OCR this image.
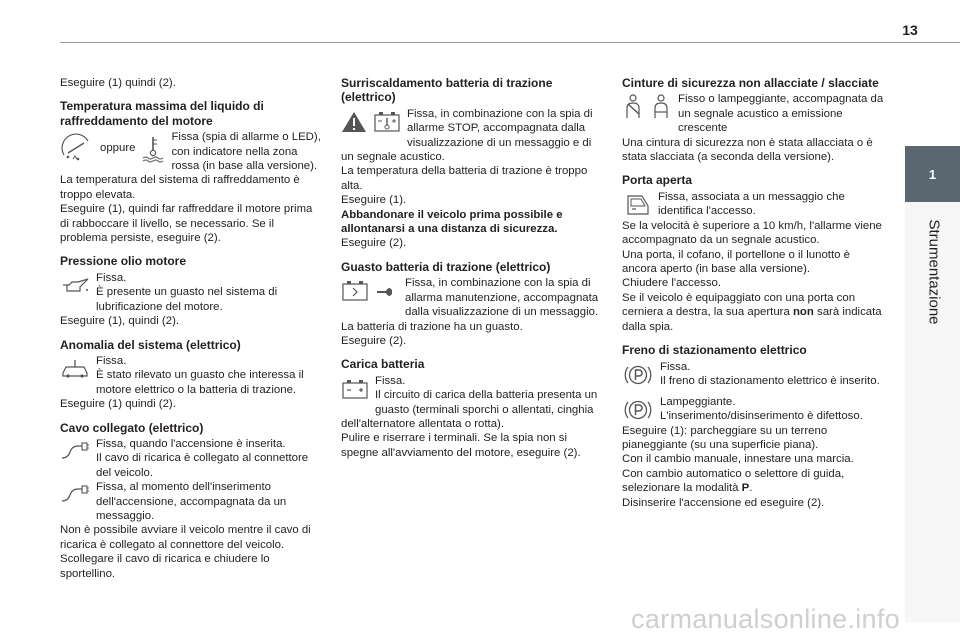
13
1
Strumentazione

Eseguire (1) quindi (2).

Temperatura massima del liquido di raffreddamento del motore
oppure

Fissa (spia di allarme o LED), con indicatore nella zona rossa (in base alla versione).

La temperatura del sistema di raffreddamento è troppo elevata.

Eseguire (1), quindi far raffreddare il motore prima di rabboccare il livello, se necessario. Se il problema persiste, eseguire (2).

Pressione olio motore

Fissa.

È presente un guasto nel sistema di lubrificazione del motore.

Eseguire (1), quindi (2).

Anomalia del sistema (elettrico)

Fissa.

È stato rilevato un guasto che interessa il motore elettrico o la batteria di trazione.

Eseguire (1) quindi (2).

Cavo collegato (elettrico)

Fissa, quando l'accensione è inserita.

Il cavo di ricarica è collegato al connettore del veicolo.

Fissa, al momento dell'inserimento dell'accensione, accompagnata da un messaggio.

Non è possibile avviare il veicolo mentre il cavo di ricarica è collegato al connettore del veicolo.

Scollegare il cavo di ricarica e chiudere lo sportellino.

Surriscaldamento batteria di trazione (elettrico)

Fissa, in combinazione con la spia di allarme STOP, accompagnata dalla visualizzazione di un messaggio e di un segnale acustico.

La temperatura della batteria di trazione è troppo alta.

Eseguire (1).

Abbandonare il veicolo prima possibile e allontanarsi a una distanza di sicurezza.

Eseguire (2).

Guasto batteria di trazione (elettrico)

Fissa, in combinazione con la spia di allarma manutenzione, accompagnata dalla visualizzazione di un messaggio.

La batteria di trazione ha un guasto.

Eseguire (2).

Carica batteria

Fissa.

Il circuito di carica della batteria presenta un guasto (terminali sporchi o allentati, cinghia dell'alternatore allentata o rotta).

Pulire e riserrare i terminali. Se la spia non si spegne all'avviamento del motore, eseguire (2).

Cinture di sicurezza non allacciate / slacciate

Fisso o lampeggiante, accompagnata da un segnale acustico a emissione crescente

Una cintura di sicurezza non è stata allacciata o è stata slacciata (a seconda della versione).

Porta aperta

Fissa, associata a un messaggio che identifica l'accesso.

Se la velocità è superiore a 10 km/h, l'allarme viene accompagnato da un segnale acustico.

Una porta, il cofano, il portellone o il lunotto è ancora aperto (in base alla versione).

Chiudere l'accesso.

Se il veicolo è equipaggiato con una porta con cerniera a destra, la sua apertura non sarà indicata dalla spia.

Freno di stazionamento elettrico

Fissa.

Il freno di stazionamento elettrico è inserito.

Lampeggiante.

L'inserimento/disinserimento è difettoso.

Eseguire (1): parcheggiare su un terreno pianeggiante (su una superficie piana).

Con il cambio manuale, innestare una marcia.

Con cambio automatico o selettore di guida, selezionare la modalità P.

Disinserire l'accensione ed eseguire (2).

carmanualsonline.info
